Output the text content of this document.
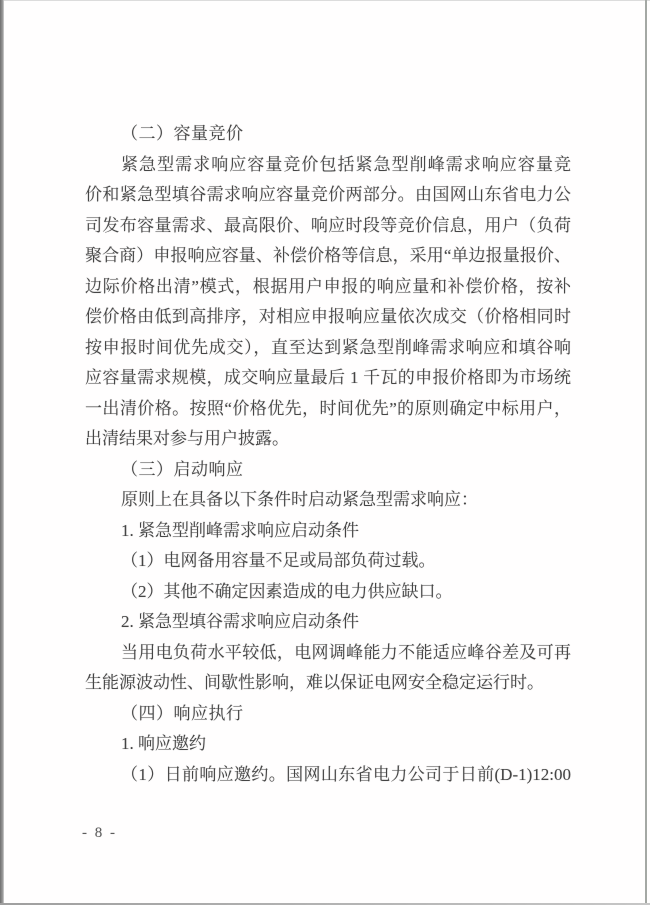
（二）容量竞价
紧急型需求响应容量竞价包括紧急型削峰需求响应容量竞
价和紧急型填谷需求响应容量竞价两部分。由国网山东省电力公
司发布容量需求、最高限价、响应时段等竞价信息，用户（负荷
聚合商）申报响应容量、补偿价格等信息，采用“单边报量报价、
边际价格出清”模式，根据用户申报的响应量和补偿价格，按补
偿价格由低到高排序，对相应申报响应量依次成交（价格相同时
按申报时间优先成交），直至达到紧急型削峰需求响应和填谷响
应容量需求规模，成交响应量最后 1 千瓦的申报价格即为市场统
一出清价格。按照“价格优先，时间优先”的原则确定中标用户，
出清结果对参与用户披露。
（三）启动响应
原则上在具备以下条件时启动紧急型需求响应：
1. 紧急型削峰需求响应启动条件
（1）电网备用容量不足或局部负荷过载。
（2）其他不确定因素造成的电力供应缺口。
2. 紧急型填谷需求响应启动条件
当用电负荷水平较低，电网调峰能力不能适应峰谷差及可再
生能源波动性、间歇性影响，难以保证电网安全稳定运行时。
（四）响应执行
1. 响应邀约
（1）日前响应邀约。国网山东省电力公司于日前(D-1)12:00
- 8 -
